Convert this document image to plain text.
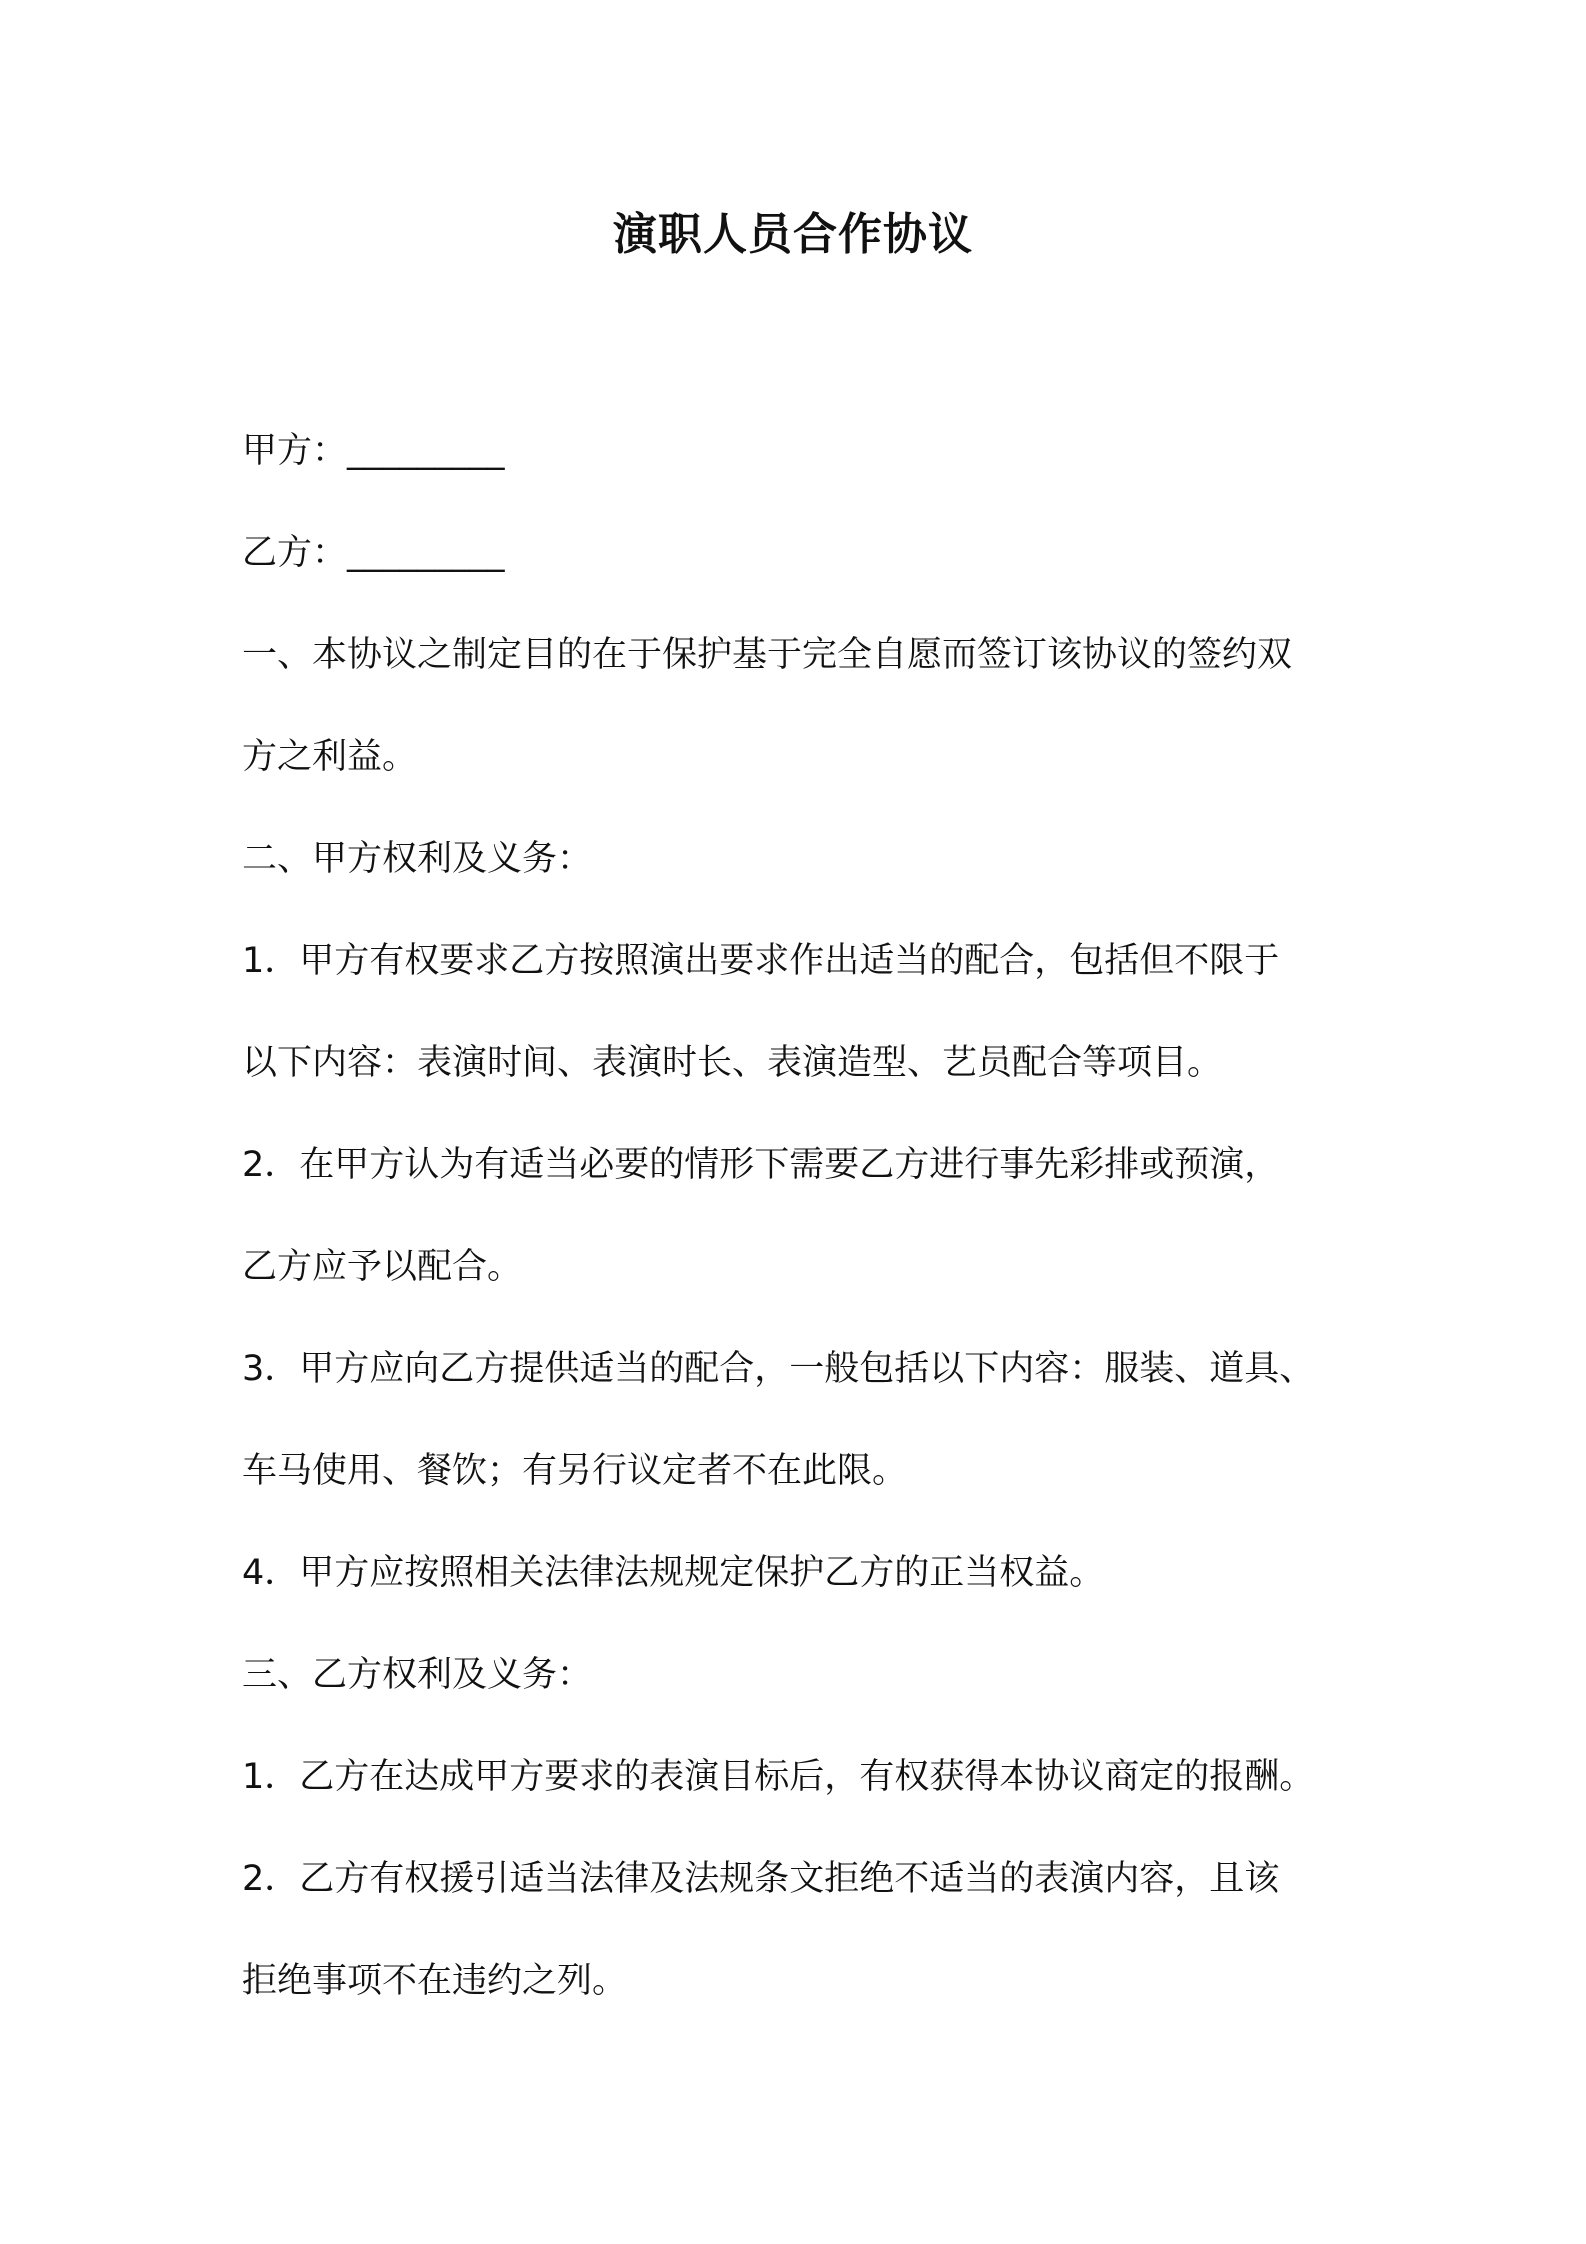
演职人员合作协议

甲方：_________

乙方：_________

一、本协议之制定目的在于保护基于完全自愿而签订该协议的签约双

方之利益。

二、甲方权利及义务：

1．甲方有权要求乙方按照演出要求作出适当的配合，包括但不限于

以下内容：表演时间、表演时长、表演造型、艺员配合等项目。

2．在甲方认为有适当必要的情形下需要乙方进行事先彩排或预演，

乙方应予以配合。

3．甲方应向乙方提供适当的配合，一般包括以下内容：服装、道具、

车马使用、餐饮；有另行议定者不在此限。

4．甲方应按照相关法律法规规定保护乙方的正当权益。

三、乙方权利及义务：

1．乙方在达成甲方要求的表演目标后，有权获得本协议商定的报酬。

2．乙方有权援引适当法律及法规条文拒绝不适当的表演内容，且该

拒绝事项不在违约之列。
